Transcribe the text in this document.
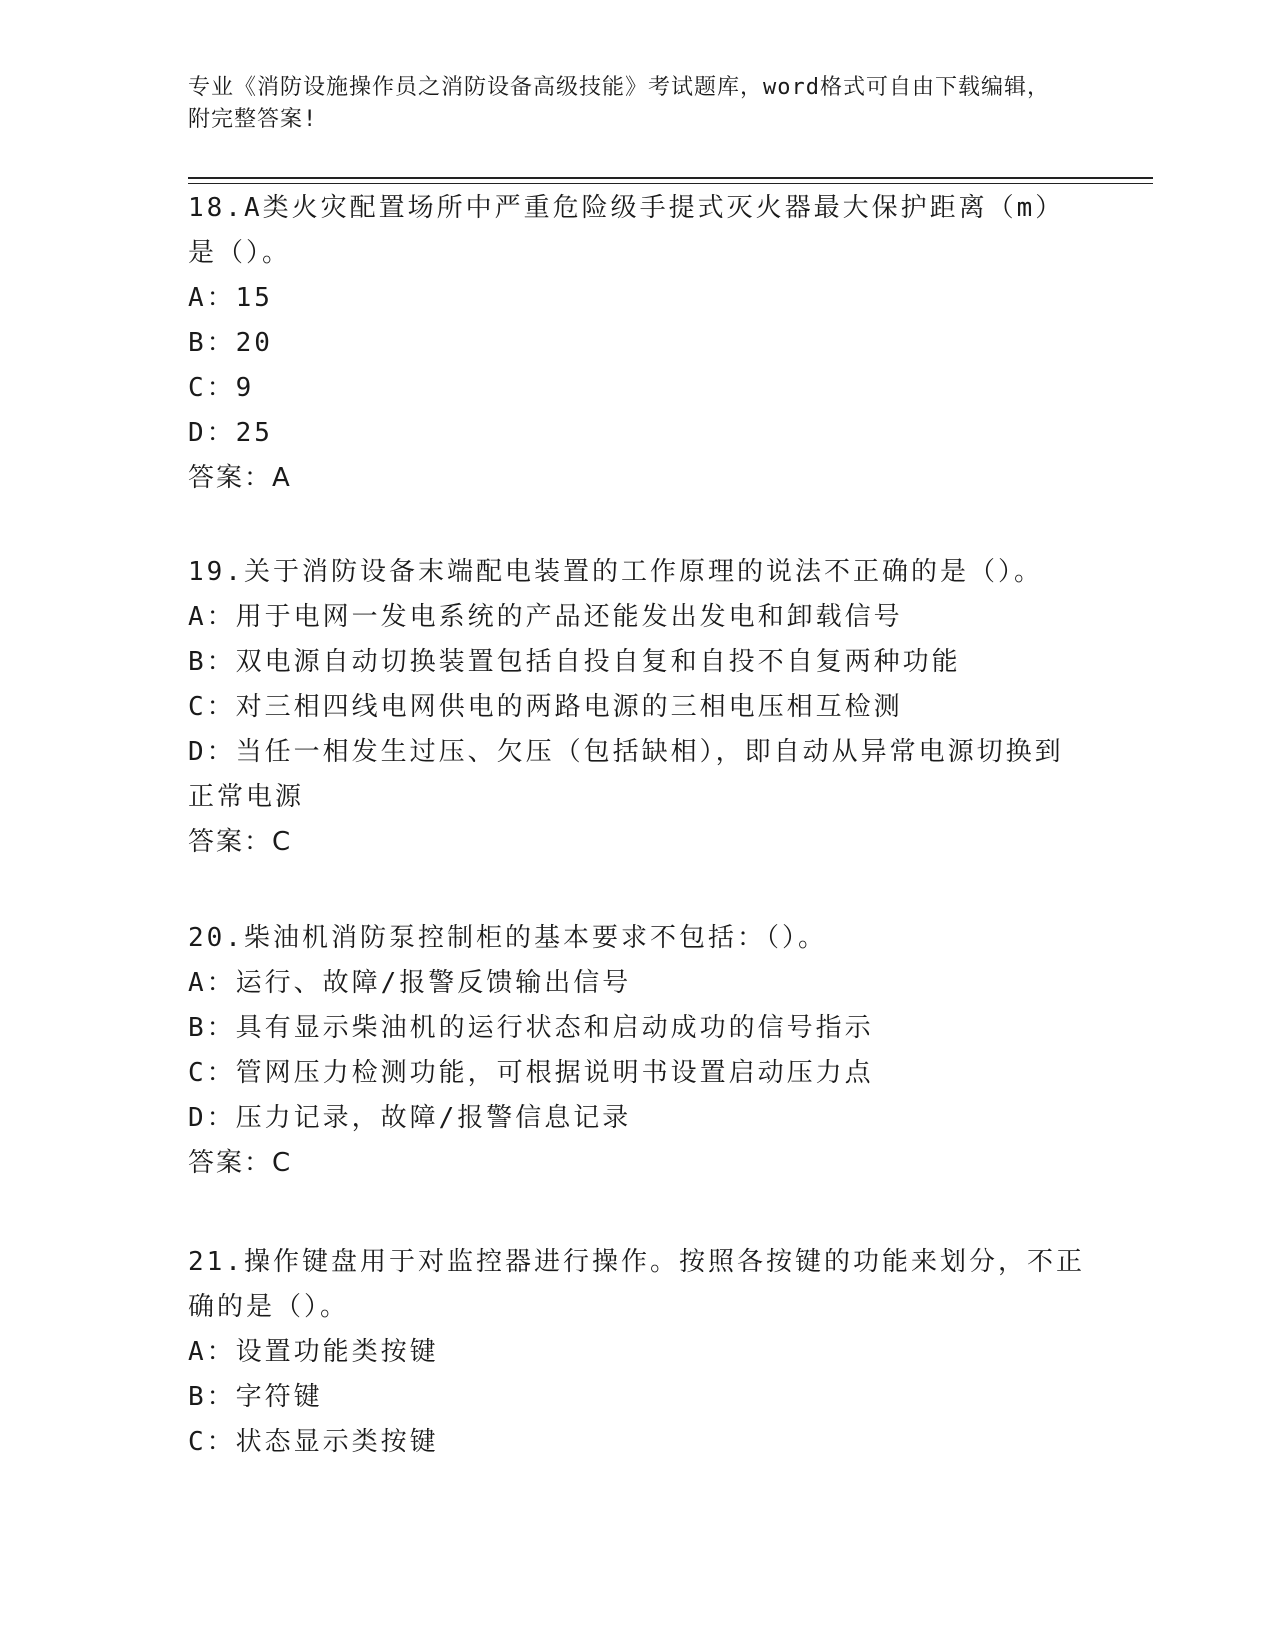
专业《消防设施操作员之消防设备高级技能》考试题库，word格式可自由下载编辑，附完整答案!

18.A类火灾配置场所中严重危险级手提式灭火器最大保护距离（m）是（）。

A： 15

B： 20

C： 9

D： 25

答案：A

19.关于消防设备末端配电装置的工作原理的说法不正确的是（）。

A： 用于电网一发电系统的产品还能发出发电和卸载信号

B： 双电源自动切换装置包括自投自复和自投不自复两种功能

C： 对三相四线电网供电的两路电源的三相电压相互检测

D：当任一相发生过压、欠压（包括缺相），即自动从异常电源切换到正常电源

答案：C

20.柴油机消防泵控制柜的基本要求不包括：（）。

A： 运行、故障/报警反馈输出信号

B： 具有显示柴油机的运行状态和启动成功的信号指示

C： 管网压力检测功能，可根据说明书设置启动压力点

D： 压力记录，故障/报警信息记录

答案：C

21.操作键盘用于对监控器进行操作。按照各按键的功能来划分，不正确的是（）。

A： 设置功能类按键

B： 字符键

C： 状态显示类按键
